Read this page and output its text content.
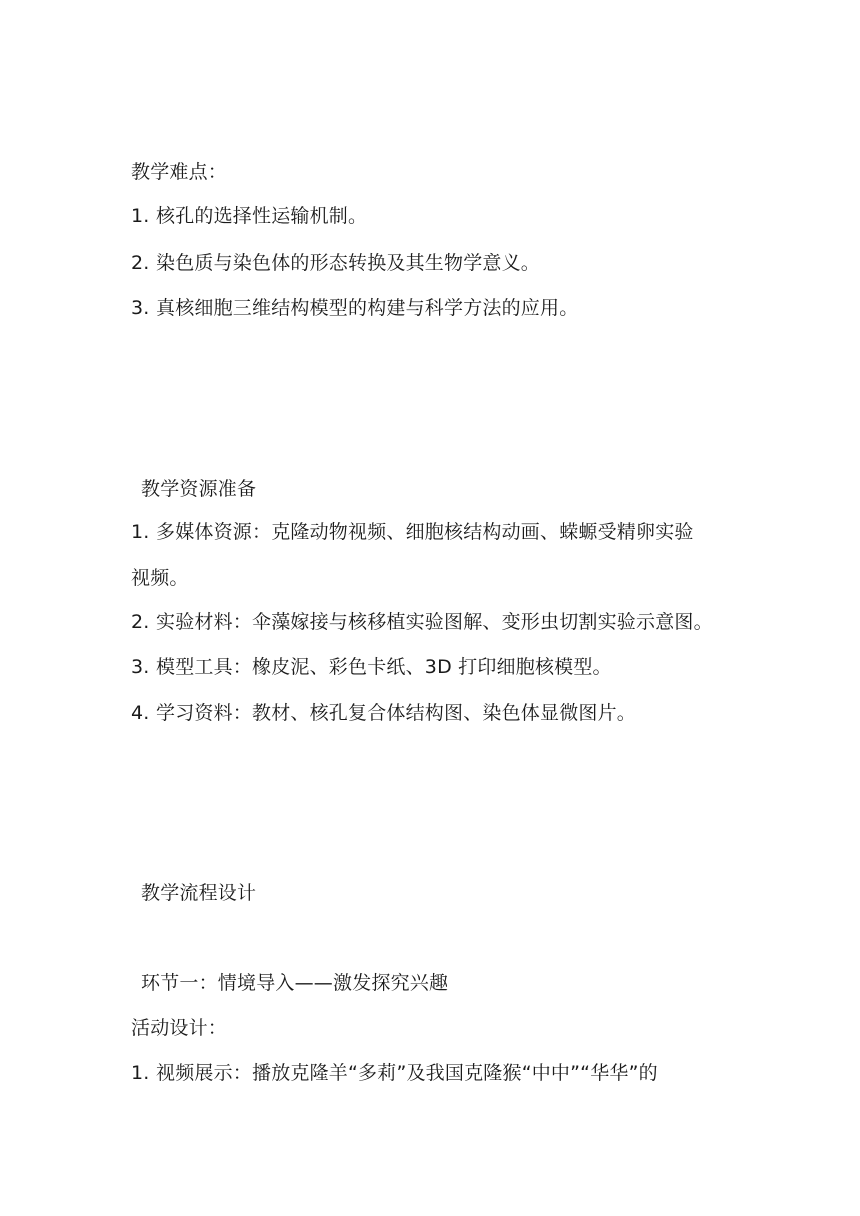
教学难点：
1. 核孔的选择性运输机制。
2. 染色质与染色体的形态转换及其生物学意义。
3. 真核细胞三维结构模型的构建与科学方法的应用。
教学资源准备
1. 多媒体资源：克隆动物视频、细胞核结构动画、蝾螈受精卵实验
视频。
2. 实验材料：伞藻嫁接与核移植实验图解、变形虫切割实验示意图。
3. 模型工具：橡皮泥、彩色卡纸、3D 打印细胞核模型。
4. 学习资料：教材、核孔复合体结构图、染色体显微图片。
教学流程设计
环节一：情境导入——激发探究兴趣
活动设计：
1. 视频展示：播放克隆羊“多莉”及我国克隆猴“中中”“华华”的
